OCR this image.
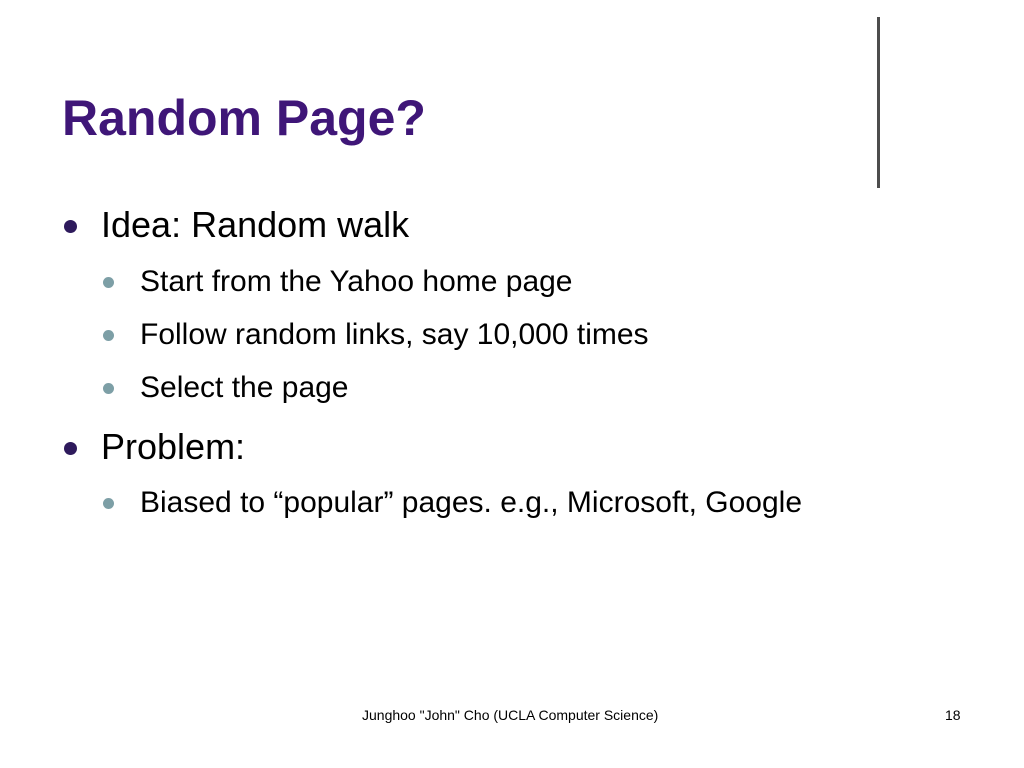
Random Page?
Idea: Random walk
Start from the Yahoo home page
Follow random links, say 10,000 times
Select the page
Problem:
Biased to “popular” pages. e.g., Microsoft, Google
Junghoo "John" Cho (UCLA Computer Science)	18
